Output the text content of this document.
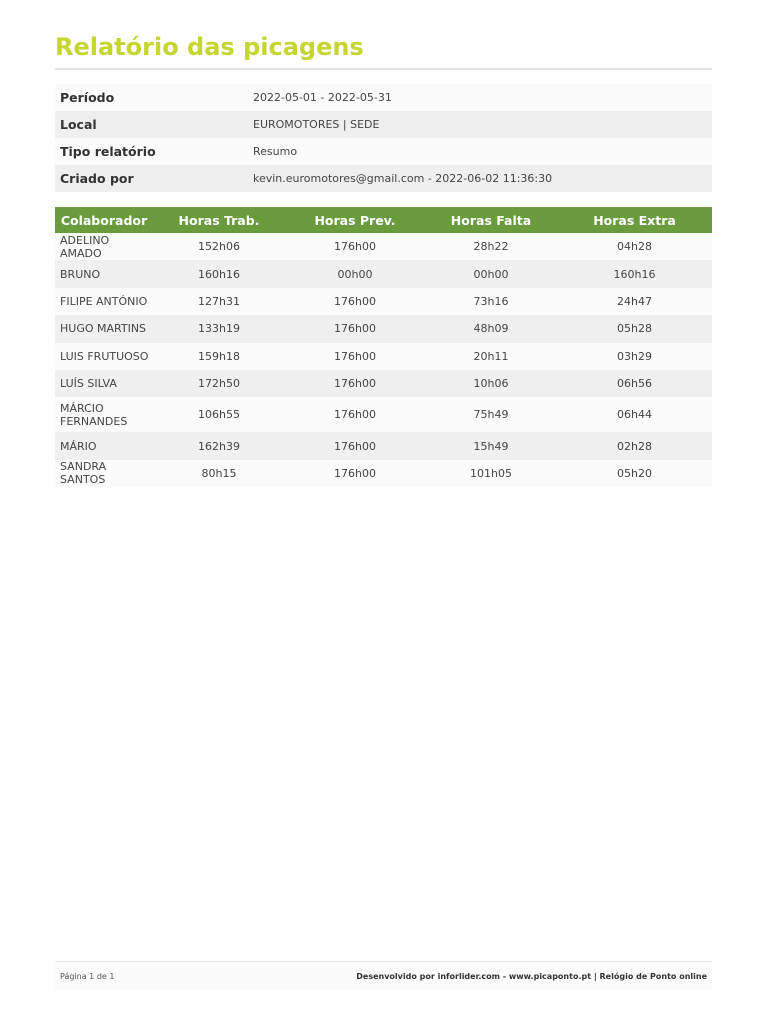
Relatório das picagens
Período	2022-05-01 - 2022-05-31
Local	EUROMOTORES | SEDE
Tipo relatório	Resumo
Criado por	kevin.euromotores@gmail.com - 2022-06-02 11:36:30
Colaborador	Horas Trab.	Horas Prev.	Horas Falta	Horas Extra
ADELINO AMADO	152h06	176h00	28h22	04h28
BRUNO	160h16	00h00	00h00	160h16
FILIPE ANTÓNIO	127h31	176h00	73h16	24h47
HUGO MARTINS	133h19	176h00	48h09	05h28
LUIS FRUTUOSO	159h18	176h00	20h11	03h29
LUÍS SILVA	172h50	176h00	10h06	06h56
MÁRCIO FERNANDES	106h55	176h00	75h49	06h44
MÁRIO	162h39	176h00	15h49	02h28
SANDRA SANTOS	80h15	176h00	101h05	05h20
Página 1 de 1	Desenvolvido por inforlider.com - www.picaponto.pt | Relógio de Ponto online
